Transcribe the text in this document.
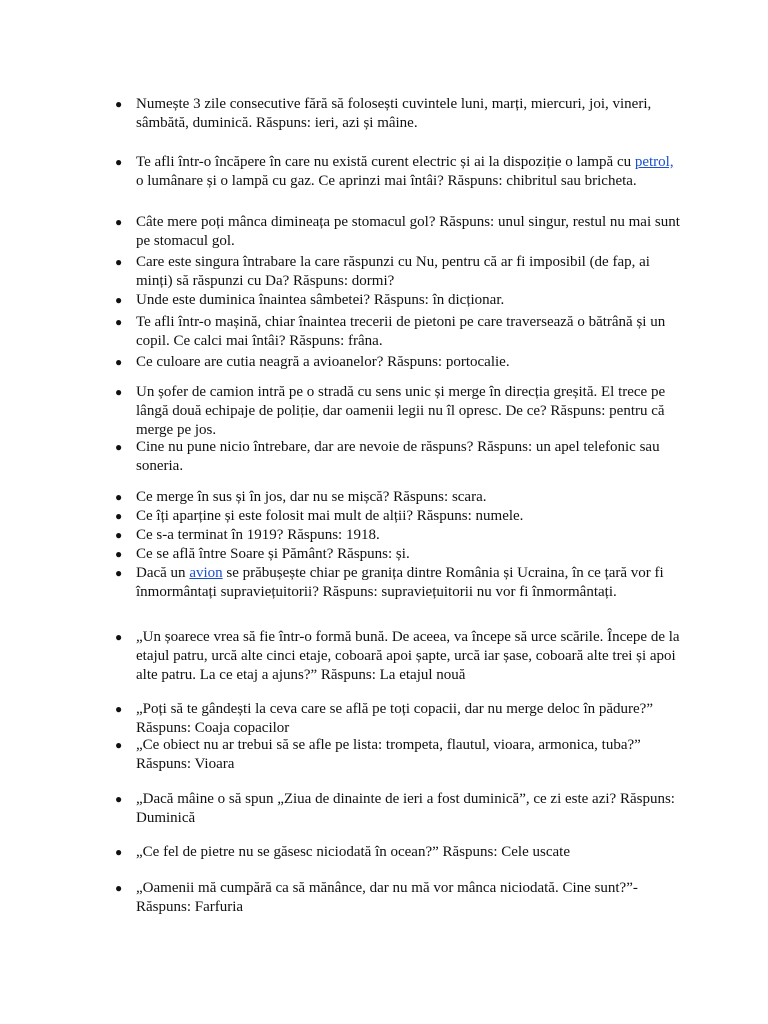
● Numește 3 zile consecutive fără să folosești cuvintele luni, marți, miercuri, joi, vineri, sâmbătă, duminică. Răspuns: ieri, azi și mâine.

● Te afli într-o încăpere în care nu există curent electric și ai la dispoziție o lampă cu petrol, o lumânare și o lampă cu gaz. Ce aprinzi mai întâi? Răspuns: chibritul sau bricheta.

● Câte mere poți mânca dimineața pe stomacul gol? Răspuns: unul singur, restul nu mai sunt pe stomacul gol.

● Care este singura întrabare la care răspunzi cu Nu, pentru că ar fi imposibil (de fap, ai minți) să răspunzi cu Da? Răspuns: dormi?

● Unde este duminica înaintea sâmbetei? Răspuns: în dicționar.

● Te afli într-o mașină, chiar înaintea trecerii de pietoni pe care traversează o bătrână și un copil. Ce calci mai întâi? Răspuns: frâna.

● Ce culoare are cutia neagră a avioanelor? Răspuns: portocalie.

● Un șofer de camion intră pe o stradă cu sens unic și merge în direcția greșită. El trece pe lângă două echipaje de poliție, dar oamenii legii nu îl opresc. De ce? Răspuns: pentru că merge pe jos.

● Cine nu pune nicio întrebare, dar are nevoie de răspuns? Răspuns: un apel telefonic sau soneria.

● Ce merge în sus și în jos, dar nu se mișcă? Răspuns: scara.

● Ce îți aparține și este folosit mai mult de alții? Răspuns: numele.

● Ce s-a terminat în 1919? Răspuns: 1918.

● Ce se află între Soare și Pământ? Răspuns: și.

● Dacă un avion se prăbușește chiar pe granița dintre România și Ucraina, în ce țară vor fi înmormântați supraviețuitorii? Răspuns: supraviețuitorii nu vor fi înmormântați.

● „Un șoarece vrea să fie într-o formă bună. De aceea, va începe să urce scările. Începe de la etajul patru, urcă alte cinci etaje, coboară apoi șapte, urcă iar șase, coboară alte trei și apoi alte patru. La ce etaj a ajuns?” Răspuns: La etajul nouă

● „Poți să te gândești la ceva care se află pe toți copacii, dar nu merge deloc în pădure?” Răspuns: Coaja copacilor

● „Ce obiect nu ar trebui să se afle pe lista: trompeta, flautul, vioara, armonica, tuba?” Răspuns: Vioara

● „Dacă mâine o să spun „Ziua de dinainte de ieri a fost duminică”, ce zi este azi? Răspuns: Duminică

● „Ce fel de pietre nu se găsesc niciodată în ocean?” Răspuns: Cele uscate

● „Oamenii mă cumpără ca să mănânce, dar nu mă vor mânca niciodată. Cine sunt?”- Răspuns: Farfuria
